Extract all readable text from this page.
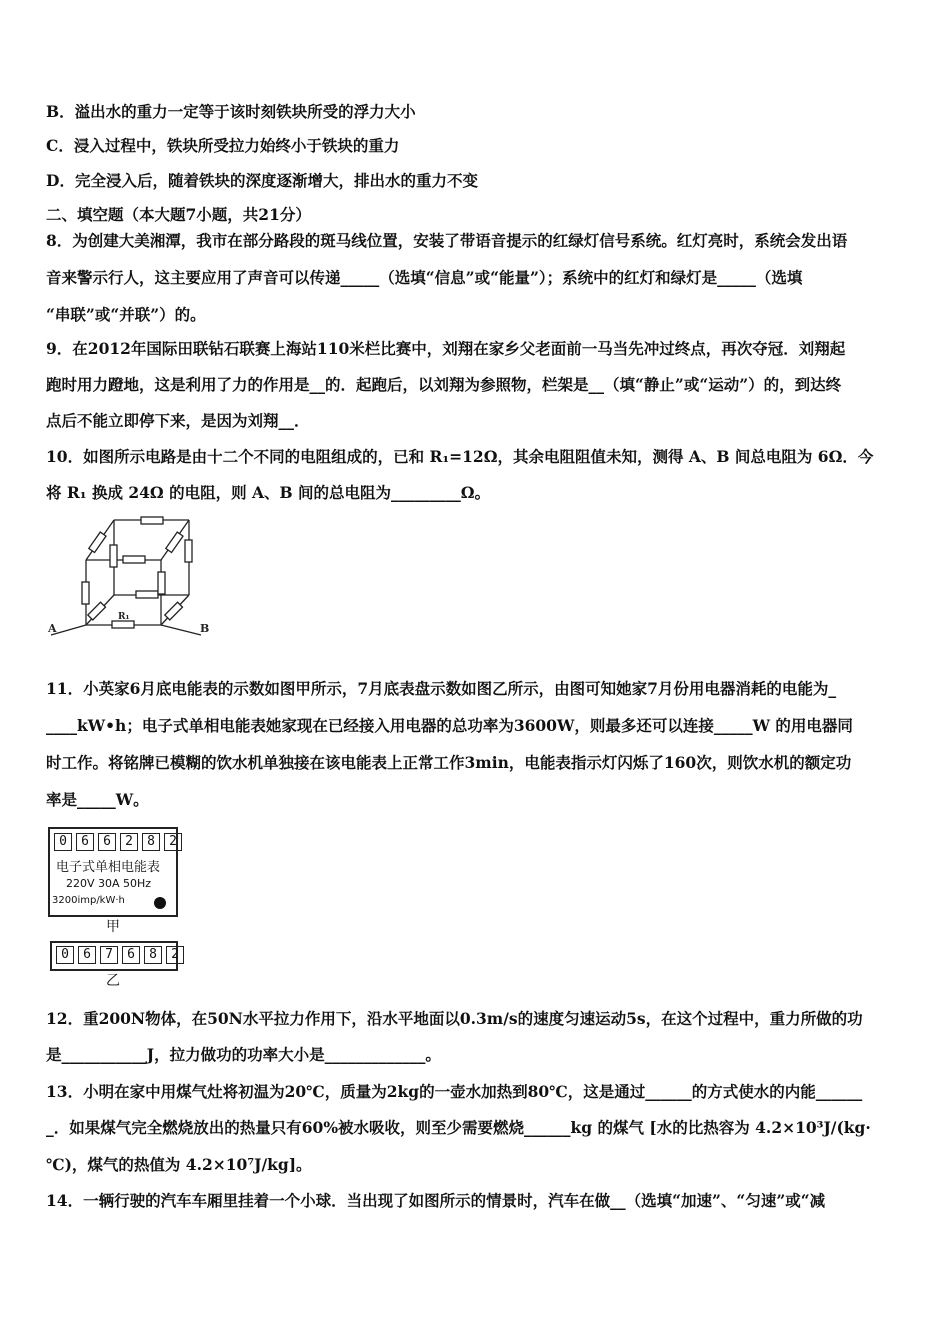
B．溢出水的重力一定等于该时刻铁块所受的浮力大小
C．浸入过程中，铁块所受拉力始终小于铁块的重力
D．完全浸入后，随着铁块的深度逐渐增大，排出水的重力不变
二、填空题（本大题7小题，共21分）
8．为创建大美湘潭，我市在部分路段的斑马线位置，安装了带语音提示的红绿灯信号系统。红灯亮时，系统会发出语
音来警示行人，这主要应用了声音可以传递_____（选填“信息”或“能量”）；系统中的红灯和绿灯是_____（选填
“串联”或“并联”）的。
9．在2012年国际田联钻石联赛上海站110米栏比赛中，刘翔在家乡父老面前一马当先冲过终点，再次夺冠．刘翔起
跑时用力蹬地，这是利用了力的作用是__的．起跑后，以刘翔为参照物，栏架是__（填“静止”或“运动”）的，到达终
点后不能立即停下来，是因为刘翔__．
10．如图所示电路是由十二个不同的电阻组成的，已和 R₁=12Ω，其余电阻阻值未知，测得 A、B 间总电阻为 6Ω．今
将 R₁ 换成 24Ω 的电阻，则 A、B 间的总电阻为_________Ω。
A	B
R₁
11．小英家6月底电能表的示数如图甲所示，7月底表盘示数如图乙所示，由图可知她家7月份用电器消耗的电能为_
____kW•h；电子式单相电能表她家现在已经接入用电器的总功率为3600W，则最多还可以连接_____W 的用电器同
时工作。将铭牌已模糊的饮水机单独接在该电能表上正常工作3min，电能表指示灯闪烁了160次，则饮水机的额定功
率是_____W。
0	6	6	2	8	2
电子式单相电能表
220V 30A 50Hz
3200imp/kW·h
甲
0	6	7	6	8	2
乙
12．重200N物体，在50N水平拉力作用下，沿水平地面以0.3m/s的速度匀速运动5s，在这个过程中，重力所做的功
是___________J，拉力做功的功率大小是_____________。
13．小明在家中用煤气灶将初温为20℃，质量为2kg的一壶水加热到80℃，这是通过______的方式使水的内能______
_．如果煤气完全燃烧放出的热量只有60%被水吸收，则至少需要燃烧______kg 的煤气 [水的比热容为 4.2×10³J/(kg·
℃)，煤气的热值为 4.2×10⁷J/kg]。
14．一辆行驶的汽车车厢里挂着一个小球．当出现了如图所示的情景时，汽车在做__（选填“加速”、“匀速”或“减
